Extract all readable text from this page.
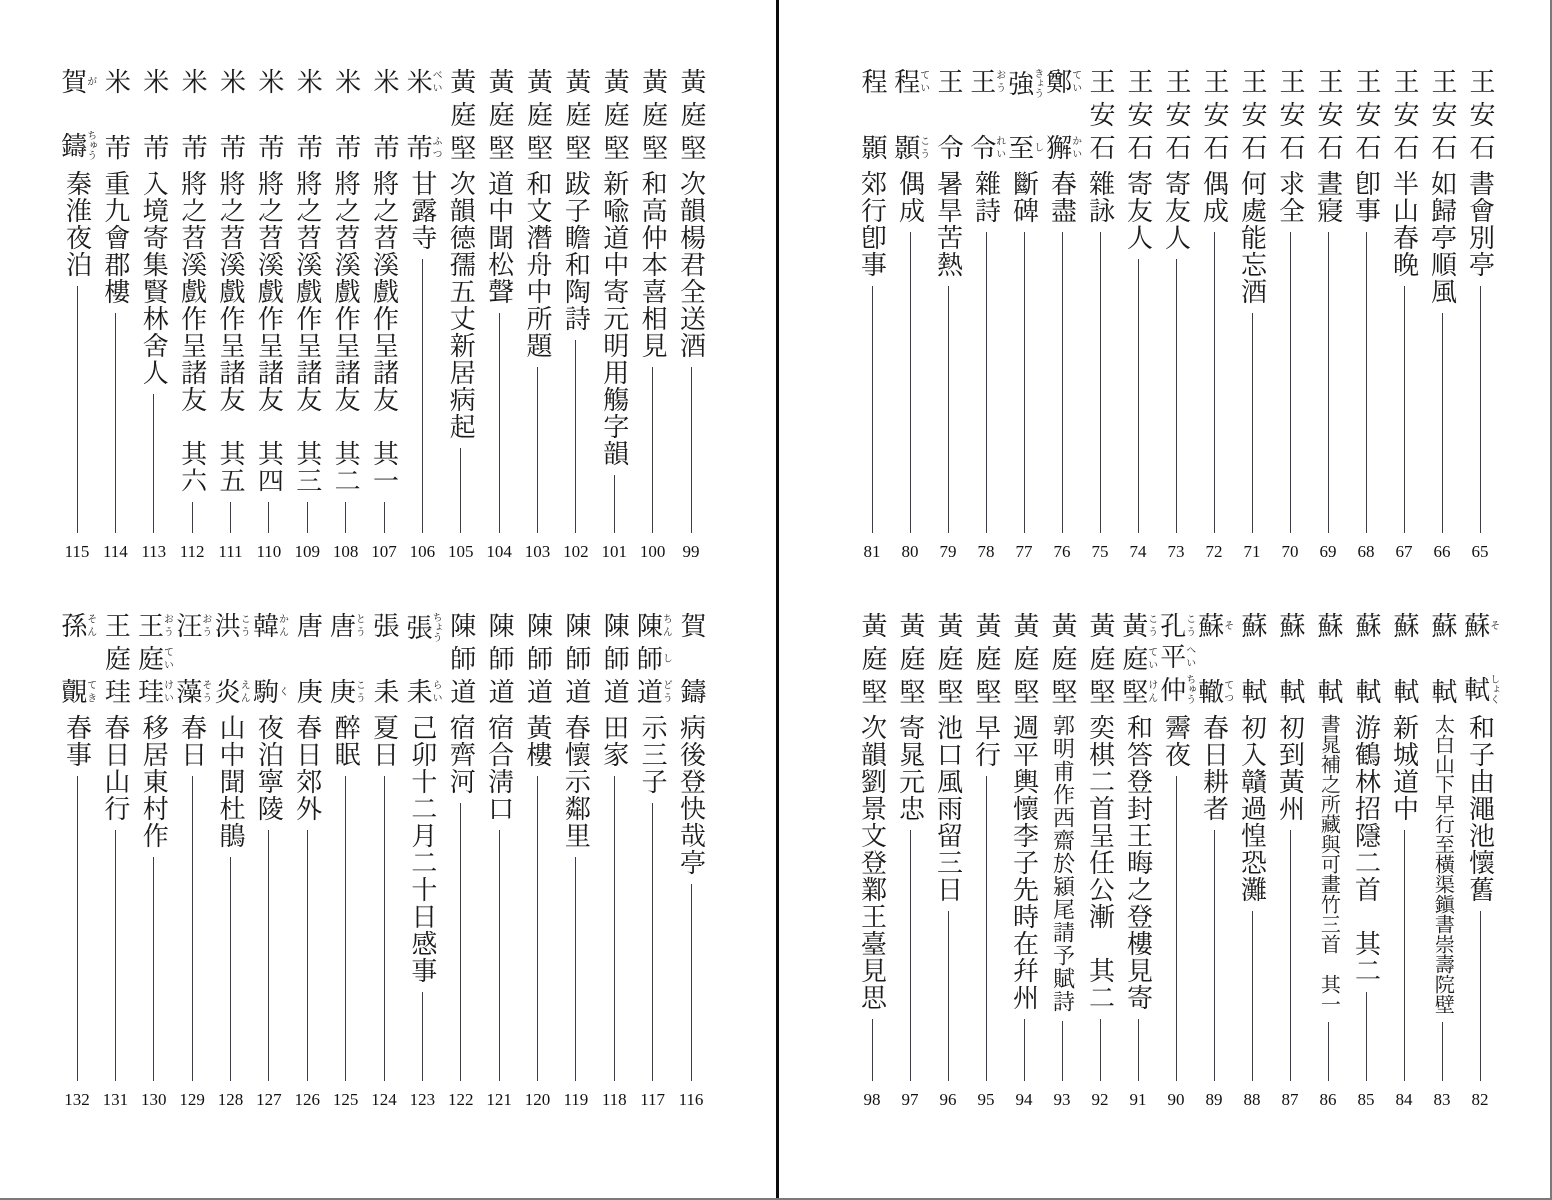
黃
庭
堅
次韻楊君全送酒
99
黃
庭
堅
和高仲本喜相見
100
黃
庭
堅
新喩道中寄元明用觴字韻
101
黃
庭
堅
跋子瞻和陶詩
102
黃
庭
堅
和文潛舟中所題
103
黃
庭
堅
道中聞松聲
104
黃
庭
堅
次韻德孺五丈新居病起
105
米べい
芾ふつ
甘露寺
106
米
芾
將之苕溪戲作呈諸友　其一
107
米
芾
將之苕溪戲作呈諸友　其二
108
米
芾
將之苕溪戲作呈諸友　其三
109
米
芾
將之苕溪戲作呈諸友　其四
110
米
芾
將之苕溪戲作呈諸友　其五
111
米
芾
將之苕溪戲作呈諸友　其六
112
米
芾
入境寄集賢林舍人
113
米
芾
重九會郡樓
114
賀が
鑄ちゅう
秦淮夜泊
115
賀
鑄
病後登快哉亭
116
陳ちん
師し
道どう
示三子
117
陳
師
道
田家
118
陳
師
道
春懷示鄰里
119
陳
師
道
黃樓
120
陳
師
道
宿合淸口
121
陳
師
道
宿齊河
122
張ちょう
耒らい
己卯十二月二十日感事
123
張
耒
夏日
124
唐とう
庚こう
醉眠
125
唐
庚
春日郊外
126
韓かん
駒く
夜泊寧陵
127
洪こう
炎えん
山中聞杜鵑
128
汪おう
藻そう
春日
129
王おう
庭てい
珪けい
移居東村作
130
王
庭
珪
春日山行
131
孫そん
覿てき
春事
132
王
安
石
書會別亭
65
王
安
石
如歸亭順風
66
王
安
石
半山春晚
67
王
安
石
卽事
68
王
安
石
晝寢
69
王
安
石
求全
70
王
安
石
何處能忘酒
71
王
安
石
偶成
72
王
安
石
寄友人
73
王
安
石
寄友人
74
王
安
石
雜詠
75
鄭てい
獬かい
春盡
76
強きょう
至し
斷碑
77
王おう
令れい
雜詩
78
王
令
暑旱苦熱
79
程てい
顥こう
偶成
80
程
顥
郊行卽事
81
蘇そ
軾しょく
和子由澠池懷舊
82
蘇
軾
太白山下早行至橫渠鎭書崇壽院壁
83
蘇
軾
新城道中
84
蘇
軾
游鶴林招隱二首　其二
85
蘇
軾
書晁補之所藏與可畫竹三首　其一
86
蘇
軾
初到黃州
87
蘇
軾
初入贛過惶恐灘
88
蘇そ
轍てつ
春日耕者
89
孔こう
平へい
仲ちゅう
霽夜
90
黃こう
庭てい
堅けん
和答登封王晦之登樓見寄
91
黃
庭
堅
奕棋二首呈任公漸　其二
92
黃
庭
堅
郭明甫作西齋於潁尾請予賦詩
93
黃
庭
堅
週平輿懷李子先時在幷州
94
黃
庭
堅
早行
95
黃
庭
堅
池口風雨留三日
96
黃
庭
堅
寄晁元忠
97
黃
庭
堅
次韻劉景文登鄴王臺見思
98
